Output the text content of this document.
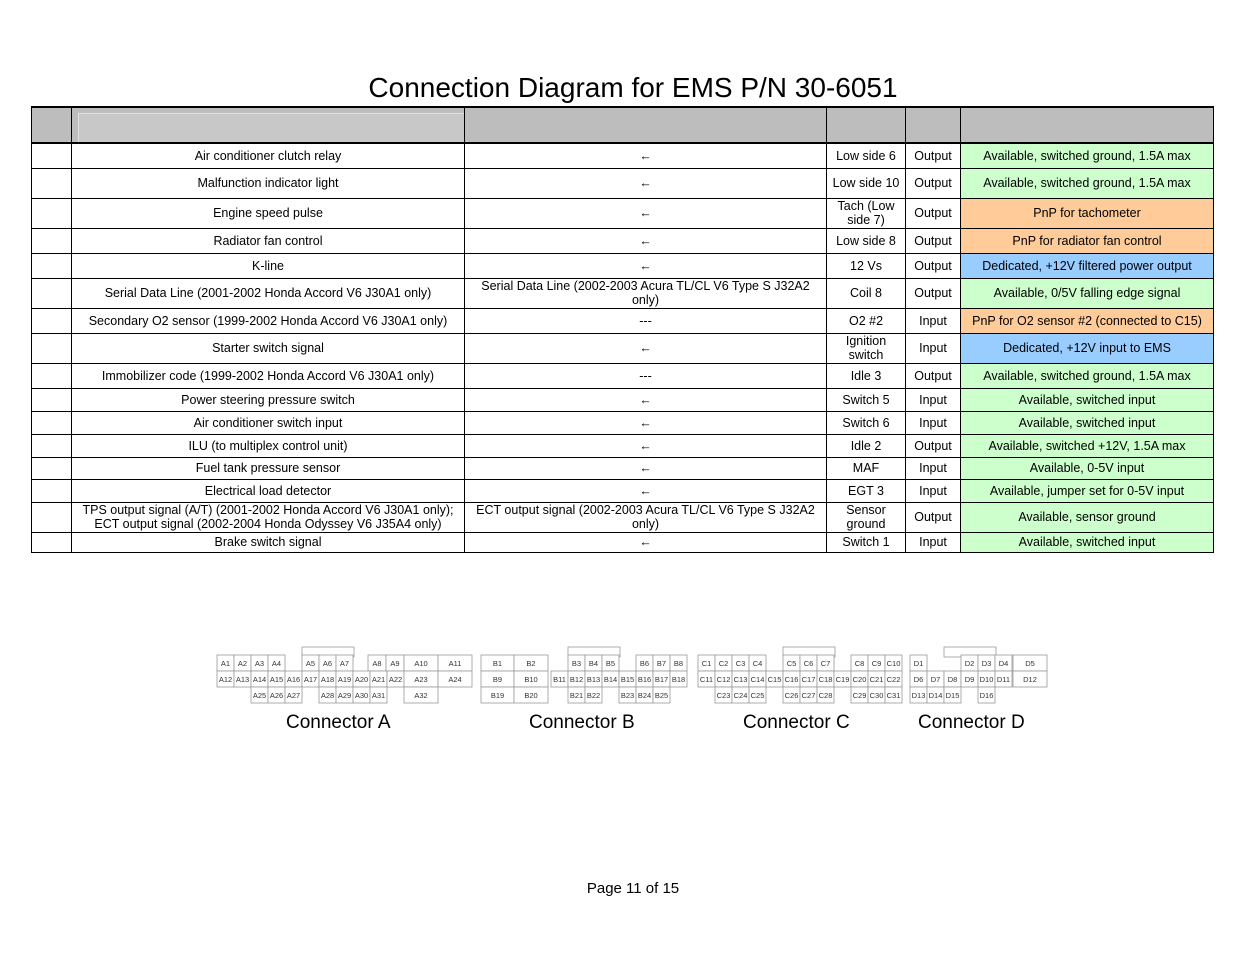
Connection Diagram for EMS P/N 30-6051

	Air conditioner clutch relay	←	Low side 6	Output	Available, switched ground, 1.5A max
	Malfunction indicator light	←	Low side 10	Output	Available, switched ground, 1.5A max
	Engine speed pulse	←	Tach (Low side 7)	Output	PnP for tachometer
	Radiator fan control	←	Low side 8	Output	PnP for radiator fan control
	K-line	←	12 Vs	Output	Dedicated, +12V filtered power output
	Serial Data Line (2001-2002 Honda Accord V6 J30A1 only)	Serial Data Line (2002-2003 Acura TL/CL V6 Type S J32A2 only)	Coil 8	Output	Available, 0/5V falling edge signal
	Secondary O2 sensor (1999-2002 Honda Accord V6 J30A1 only)	---	O2 #2	Input	PnP for O2 sensor #2 (connected to C15)
	Starter switch signal	←	Ignition switch	Input	Dedicated, +12V input to EMS
	Immobilizer code (1999-2002 Honda Accord V6 J30A1 only)	---	Idle 3	Output	Available, switched ground, 1.5A max
	Power steering pressure switch	←	Switch 5	Input	Available, switched input
	Air conditioner switch input	←	Switch 6	Input	Available, switched input
	ILU (to multiplex control unit)	←	Idle 2	Output	Available, switched +12V, 1.5A max
	Fuel tank pressure sensor	←	MAF	Input	Available, 0-5V input
	Electrical load detector	←	EGT 3	Input	Available, jumper set for 0-5V input
	TPS output signal (A/T) (2001-2002 Honda Accord V6 J30A1 only); ECT output signal (2002-2004 Honda Odyssey V6 J35A4 only)	ECT output signal (2002-2003 Acura TL/CL V6 Type S J32A2 only)	Sensor ground	Output	Available, sensor ground
	Brake switch signal	←	Switch 1	Input	Available, switched input
A1 A2 A3 A4	A5 A6 A7	A8 A9 A10	A11
A12 A13 A14 A15 A16 A17 A18 A19 A20 A21 A22 A23	A24
A25 A26 A27	A28 A29 A30 A31	A32
B1	B2	B3 B4 B5	B6 B7 B8
B9	B10 B11 B12 B13 B14 B15 B16 B17 B18
B19	B20	B21 B22	B23 B24 B25
C1 C2 C3 C4	C5 C6 C7	C8 C9 C10
C11 C12 C13 C14 C15 C16 C17 C18 C19 C20 C21 C22
C23 C24 C25	C26 C27 C28	C29 C30 C31
D1	D2 D3 D4 D5
D6 D7 D8 D9 D10 D11 D12
D13 D14 D15	D16
Connector A	Connector B	Connector C	Connector D
Page 11 of 15
